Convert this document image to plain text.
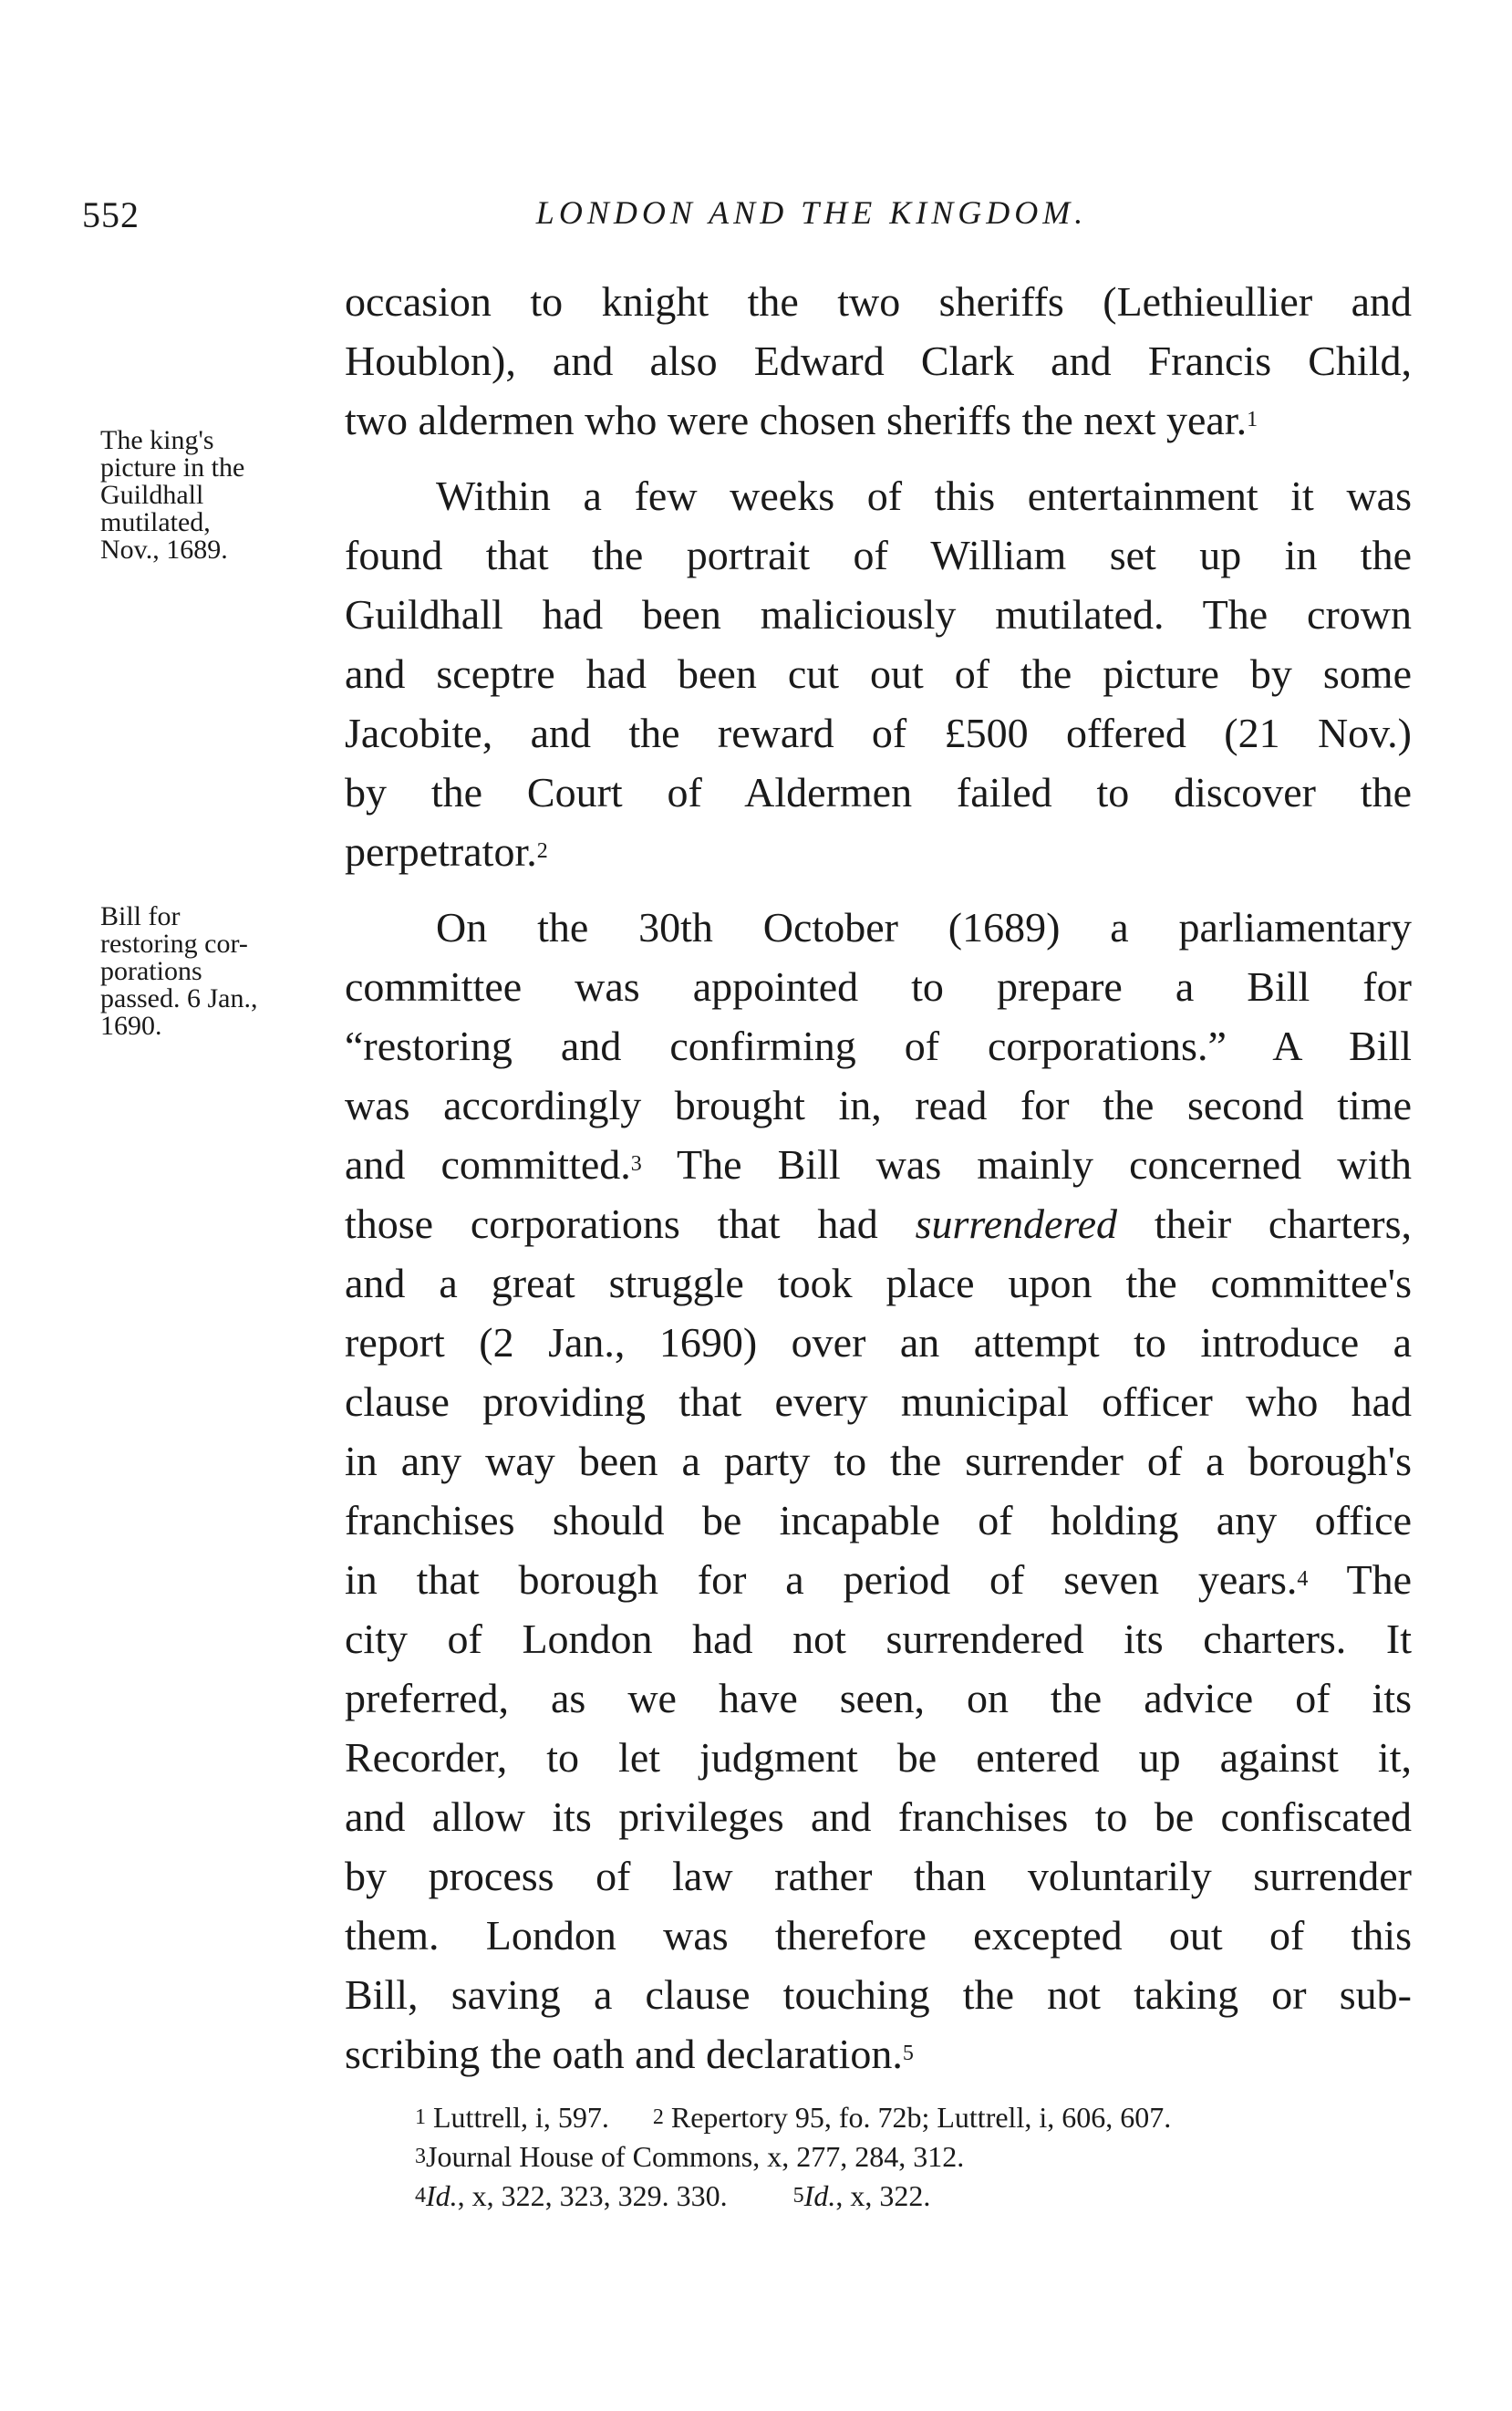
552	LONDON AND THE KINGDOM.
The king's
picture in the
Guildhall
mutilated,
Nov., 1689.
Bill for
restoring cor-
porations
passed. 6 Jan.,
1690.
occasion to knight the two sheriffs (Lethieullier and
Houblon), and also Edward Clark and Francis Child,
two aldermen who were chosen sheriffs the next year.$^1$
Within a few weeks of this entertainment it was
found that the portrait of William set up in the
Guildhall had been maliciously mutilated. The crown
and sceptre had been cut out of the picture by some
Jacobite, and the reward of £500 offered (21 Nov.)
by the Court of Aldermen failed to discover the
perpetrator.$^2$
On the 30th October (1689) a parliamentary
committee was appointed to prepare a Bill for
“restoring and confirming of corporations.” A Bill
was accordingly brought in, read for the second time
and committed.$^3$ The Bill was mainly concerned with
those corporations that had surrendered their charters,
and a great struggle took place upon the committee's
report (2 Jan., 1690) over an attempt to introduce a
clause providing that every municipal officer who had
in any way been a party to the surrender of a borough's
franchises should be incapable of holding any office
in that borough for a period of seven years.$^4$ The
city of London had not surrendered its charters. It
preferred, as we have seen, on the advice of its
Recorder, to let judgment be entered up against it,
and allow its privileges and franchises to be confiscated
by process of law rather than voluntarily surrender
them. London was therefore excepted out of this
Bill, saving a clause touching the not taking or sub-
scribing the oath and declaration.$^5$
$^1$ Luttrell, i, 597. $^2$ Repertory 95, fo. 72b; Luttrell, i, 606, 607.
$^3$Journal House of Commons, x, 277, 284, 312.
$^4$Id., x, 322, 323, 329. 330.	$^5$Id., x, 322.
